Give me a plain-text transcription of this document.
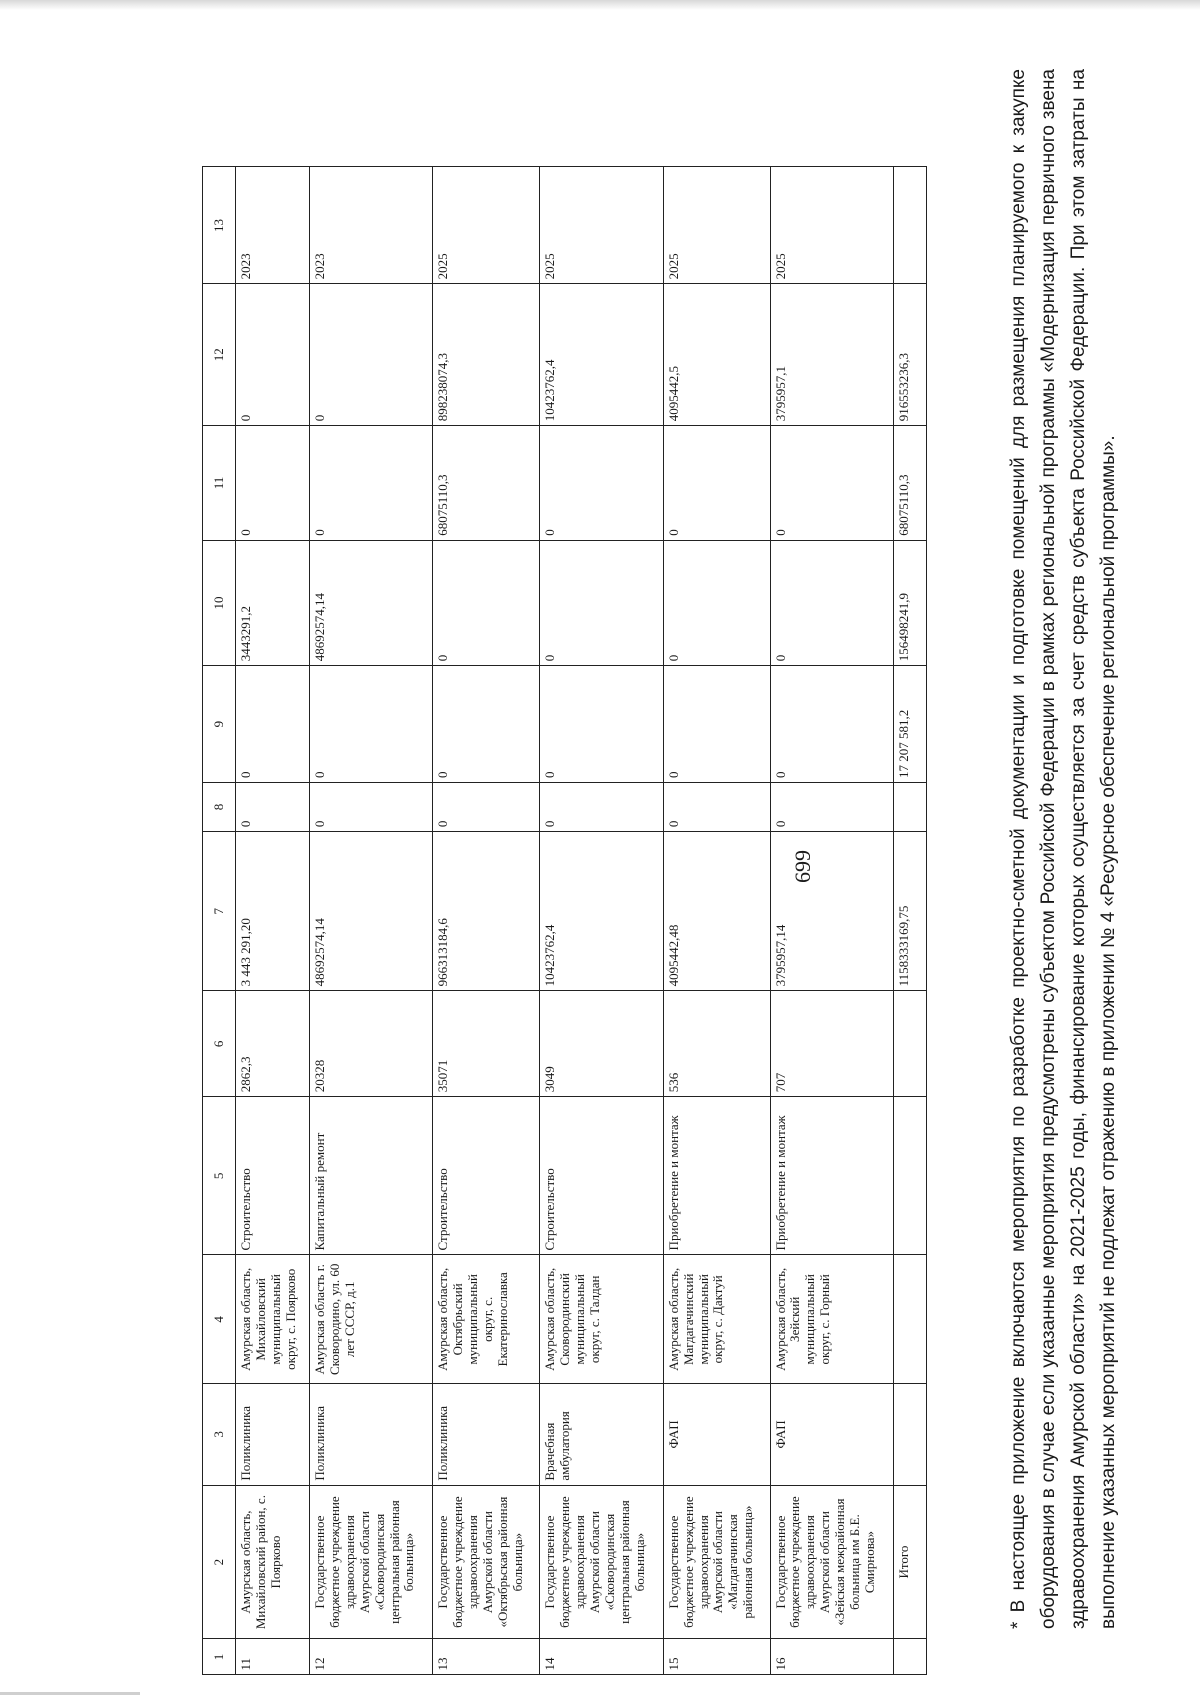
699
1	2	3	4	5	6	7	8	9	10	11	12	13
11	Амурская область, Михайловский район, с. Поярково	Поликлиника	Амурская область, Михайловский муниципальный округ, с. Поярково	Строительство	2862,3	3 443 291,20	0	0	3443291,2	0	0	2023
12	Государственное бюджетное учреждение здравоохранения Амурской области «Сковородинская центральная районная больница»	Поликлиника	Амурская область г. Сковородино, ул. 60 лет СССР, д.1	Капитальный ремонт	20328	48692574,14	0	0	48692574,14	0	0	2023
13	Государственное бюджетное учреждение здравоохранения Амурской области «Октябрьская районная больница»	Поликлиника	Амурская область, Октябрьский муниципальный округ, с. Екатеринославка	Строительство	35071	966313184,6	0	0	0	68075110,3	898238074,3	2025
14	Государственное бюджетное учреждение здравоохранения Амурской области «Сковородинская центральная районная больница»	Врачебная амбулатория	Амурская область, Сковородинский муниципальный округ, с. Талдан	Строительство	3049	10423762,4	0	0	0	0	10423762,4	2025
15	Государственное бюджетное учреждение здравоохранения Амурской области «Магдагачинская районная больница»	ФАП	Амурская область, Магдагачинский муниципальный округ, с. Дактуй	Приобретение и монтаж	536	4095442,48	0	0	0	0	4095442,5	2025
16	Государственное бюджетное учреждение здравоохранения Амурской области «Зейская межрайонная больница им Б.Е. Смирнова»	ФАП	Амурская область, Зейский муниципальный округ, с. Горный	Приобретение и монтаж	707	3795957,14	0	0	0	0	3795957,1	2025
	Итого					1158333169,75		17 207 581,2	156498241,9	68075110,3	916553236,3		* В настоящее приложение включаются мероприятия по разработке проектно-сметной документации и подготовке помещений для размещения планируемого к закупке оборудования в случае если указанные мероприятия предусмотрены субъектом Российской Федерации в рамках региональной программы «Модернизация первичного звена здравоохранения Амурской области» на 2021-2025 годы, финансирование которых осуществляется за счет средств субъекта Российской Федерации. При этом затраты на выполнение указанных мероприятий не подлежат отражению в приложении № 4 «Ресурсное обеспечение региональной программы».
